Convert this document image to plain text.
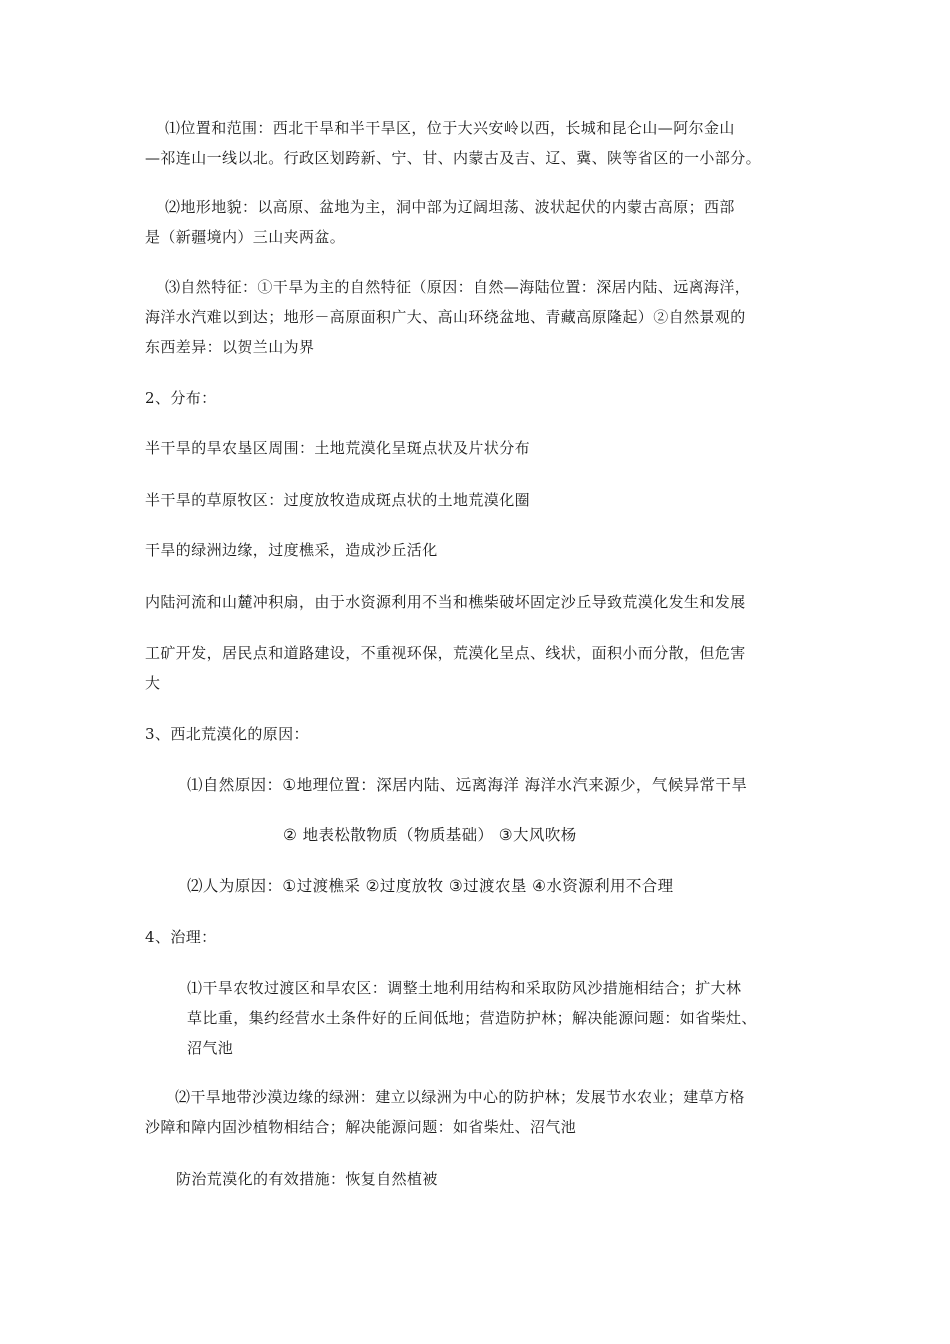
⑴位置和范围：西北干旱和半干旱区，位于大兴安岭以西，长城和昆仑山—阿尔金山
—祁连山一线以北。行政区划跨新、宁、甘、内蒙古及吉、辽、冀、陕等省区的一小部分。
⑵地形地貌：以高原、盆地为主，洞中部为辽阔坦荡、波状起伏的内蒙古高原；西部
是（新疆境内）三山夹两盆。
⑶自然特征：①干旱为主的自然特征（原因：自然—海陆位置：深居内陆、远离海洋，
海洋水汽难以到达；地形－高原面积广大、高山环绕盆地、青藏高原隆起）②自然景观的
东西差异：以贺兰山为界
2、分布：
半干旱的旱农垦区周围：土地荒漠化呈斑点状及片状分布
半干旱的草原牧区：过度放牧造成斑点状的土地荒漠化圈
干旱的绿洲边缘，过度樵采，造成沙丘活化
内陆河流和山麓冲积扇，由于水资源利用不当和樵柴破坏固定沙丘导致荒漠化发生和发展
工矿开发，居民点和道路建设，不重视环保，荒漠化呈点、线状，面积小而分散，但危害
大
3、西北荒漠化的原因：
⑴自然原因：①地理位置：深居内陆、远离海洋 海洋水汽来源少，气候异常干旱
② 地表松散物质（物质基础） ③大风吹杨
⑵人为原因：①过渡樵采 ②过度放牧 ③过渡农垦 ④水资源利用不合理
4、治理：
⑴干旱农牧过渡区和旱农区：调整土地利用结构和采取防风沙措施相结合；扩大林
草比重，集约经营水土条件好的丘间低地；营造防护林；解决能源问题：如省柴灶、
沼气池
⑵干旱地带沙漠边缘的绿洲：建立以绿洲为中心的防护林；发展节水农业；建草方格
沙障和障内固沙植物相结合；解决能源问题：如省柴灶、沼气池
防治荒漠化的有效措施：恢复自然植被
